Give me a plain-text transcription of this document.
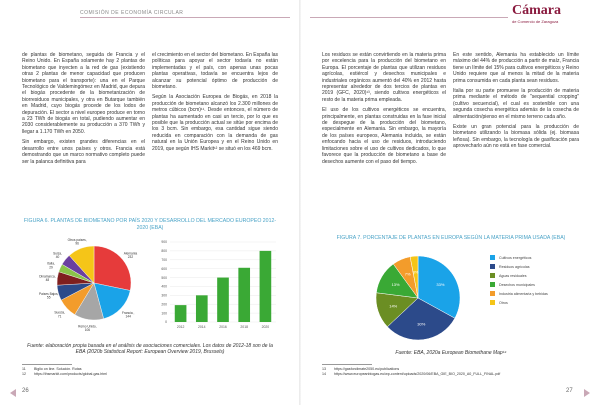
COMISIÓN DE ECONOMÍA CIRCULAR	Cámara
de Comercio de Zaragoza

de plantas de biometano, seguida de Francia y el Reino Unido. En España solamente hay 2 plantas de biometano que inyecten a la red de gas (existiendo otras 2 plantas de menor capacidad que producen biometano para el transporte): una en el Parque Tecnológico de Valdemingómez en Madrid, que depura el biogás procedente de la biometanización de biorresiduos municipales, y otra en Butarque también en Madrid, cuyo biogás procede de los lodos de depuración. El sector a nivel europeo produce en torno a 23 TWh de biogás en total, pudiendo aumentar en 2030 considerablemente su producción a 370 TWh y llegar a 1.170 TWh en 2050.

Sin embargo, existen grandes diferencias en el desarrollo entre unos países y otros. Francia está demostrando que un marco normativo completo puede ser la palanca definitiva para

el crecimiento en el sector del biometano. En España las políticas para apoyar el sector todavía no están implementadas y el país, con apenas unas pocas plantas operativas, todavía se encuentra lejos de alcanzar su potencial óptimo de producción de biometano.

Según la Asociación Europea de Biogás, en 2018 la producción de biometano alcanzó los 2.300 millones de metros cúbicos (bcm)¹¹. Desde entonces, el número de plantas ha aumentado en casi un tercio, por lo que es posible que la producción actual se sitúe por encima de los 3 bcm. Sin embargo, esa cantidad sigue siendo reducida en comparación con la demanda de gas natural en la Unión Europea y en el Reino Unido en 2019, que según IHS Markit¹² se situó en los 469 bcm.

FIGURA 6. PLANTAS DE BIOMETANO POR PAÍS 2020 Y DESARROLLO DEL MERCADO EUROPEO 2012-2020 (EBA)
Alemania 232
Francia , 144
Reino Unido, 106
Suecia, 71
Países Bajos, 55
Dinamarca, 48
Italia, 29
Suiza, 40
Otros países, 96
0
100
200
300
400
500
600
700
800
900
2012	2014	2016	2018	2020
Fuente: elaboración propia basada en el análisis de asociaciones comerciales. Los datos de 2012-18 son de la EBA (2020b Statistical Report: European Overview 2019, Brussels)
11 Biglio on line. Solución. Rutas
12 https://ihsmarkit.com/products/global-gas.html
26

Los residuos se están convirtiendo en la materia prima por excelencia para la producción del biometano en Europa. El porcentaje de plantas que utilizan residuos agrícolas, estiércol y desechos municipales e industriales orgánicos aumentó del 40% en 2012 hasta representar alrededor de dos tercios de plantas en 2019 (GFC, 2020)¹³, siendo cultivos energéticos el resto de la materia prima empleada.

El uso de los cultivos energéticos se encuentra, principalmente, en plantas construidas en la fase inicial de despegue de la producción del biometano, especialmente en Alemania. Sin embargo, la mayoría de los países europeos, Alemania incluida, se están enfocando hacia el uso de residuos, introduciendo limitaciones sobre el uso de cultivos dedicados, lo que favorece que la producción de biometano a base de desechos aumente con el paso del tiempo.

En este sentido, Alemania ha establecido un límite máximo del 44% de producción a partir de maíz, Francia tiene un límite del 15% para cultivos energéticos y Reino Unido requiere que al menos la mitad de la materia prima consumida en cada planta sean residuos.

Italia por su parte promueve la producción de materia prima mediante el método de "sequential cropping" (cultivo secuencial), el cual es sostenible con una segunda cosecha energética además de la cosecha de alimentación/pienso en el mismo terreno cada año.

Existe un gran potencial para la producción de biometano utilizando la biomasa sólida (ej. biomasa leñosa). Sin embargo, la tecnología de gasificación para aprovecharlo aún no está en fase comercial.

FIGURA 7. PORCENTAJE DE PLANTAS EN EUROPA SEGÚN LA MATERIA PRIMA USADA (EBA)
33%
30%
14%
13%
7% 3%
Cultivos energéticos
Residuos agrícolas
Aguas residuales
Desechos municipales
Industria alimentaria y bebidas
Otros
Fuente: EBA, 2020a European Biomethane Map¹⁴
13 https://gasforclimate2050.eu/publications
14 https://www.europeanbiogas.eu/wp-content/uploads/2020/06/EBA_GIE_BIO_2020_A0_FULL_FINAL.pdf
27
